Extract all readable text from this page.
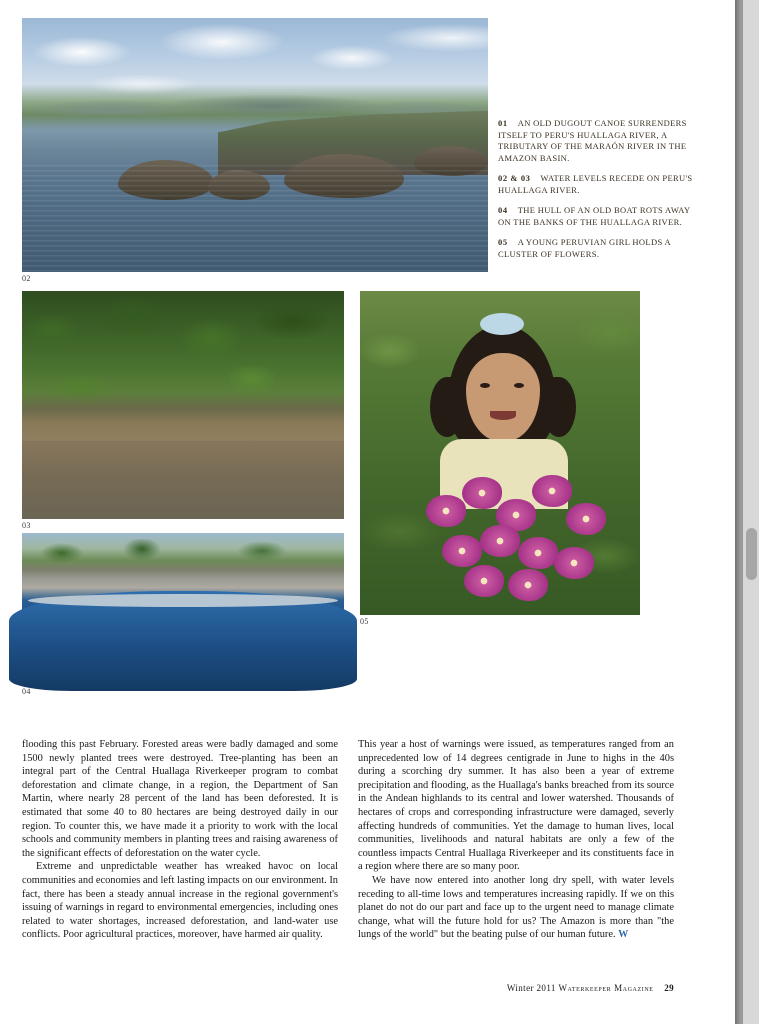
02
03
04
05
01 AN OLD DUGOUT CANOE SURRENDERS ITSELF TO PERU'S HUALLAGA RIVER, A TRIBUTARY OF THE MARAÓN RIVER IN THE AMAZON BASIN.
02 & 03 WATER LEVELS RECEDE ON PERU'S HUALLAGA RIVER.
04 THE HULL OF AN OLD BOAT ROTS AWAY ON THE BANKS OF THE HUALLAGA RIVER.
05 A YOUNG PERUVIAN GIRL HOLDS A CLUSTER OF FLOWERS.

flooding this past February. Forested areas were badly damaged and some 1500 newly planted trees were destroyed. Tree-planting has been an integral part of the Central Huallaga Riverkeeper program to combat deforestation and climate change, in a region, the Department of San Martin, where nearly 28 percent of the land has been deforested. It is estimated that some 40 to 80 hectares are being destroyed daily in our region. To counter this, we have made it a priority to work with the local schools and community members in planting trees and raising awareness of the significant effects of deforestation on the water cycle.

Extreme and unpredictable weather has wreaked havoc on local communities and economies and left lasting impacts on our environment. In fact, there has been a steady annual increase in the regional government's issuing of warnings in regard to environmental emergencies, including ones related to water shortages, increased deforestation, and land-water use conflicts. Poor agricultural practices, moreover, have harmed air quality.

This year a host of warnings were issued, as temperatures ranged from an unprecedented low of 14 degrees centigrade in June to highs in the 40s during a scorching dry summer. It has also been a year of extreme precipitation and flooding, as the Huallaga's banks breached from its source in the Andean highlands to its central and lower watershed. Thousands of hectares of crops and corresponding infrastructure were damaged, severly affecting hundreds of communities. Yet the damage to human lives, local communities, livelihoods and natural habitats are only a few of the countless impacts Central Huallaga Riverkeeper and its constituents face in a region where there are so many poor.

We have now entered into another long dry spell, with water levels receding to all-time lows and temperatures increasing rapidly. If we on this planet do not do our part and face up to the urgent need to manage climate change, what will the future hold for us? The Amazon is more than "the lungs of the world" but the beating pulse of our human future. W

Winter 2011 Waterkeeper Magazine 29
